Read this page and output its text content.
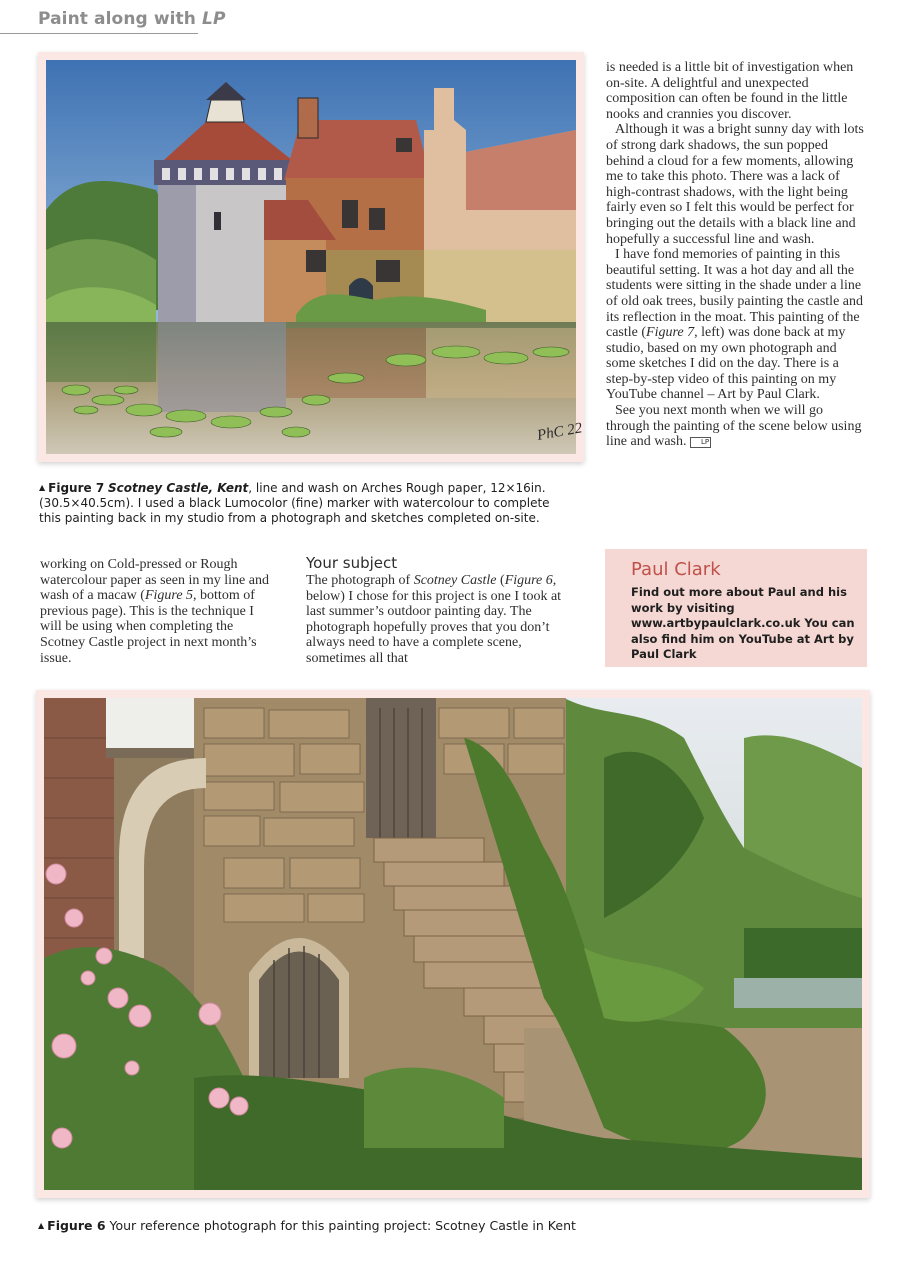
Paint along with LP
PhC 22
▲ Figure 7 Scotney Castle, Kent, line and wash on Arches Rough paper, 12×16in. (30.5×40.5cm). I used a black Lumocolor (fine) marker with watercolour to complete this painting back in my studio from a photograph and sketches completed on-site.

is needed is a little bit of investigation when on-site. A delightful and unexpected composition can often be found in the little nooks and crannies you discover.

Although it was a bright sunny day with lots of strong dark shadows, the sun popped behind a cloud for a few moments, allowing me to take this photo. There was a lack of high-contrast shadows, with the light being fairly even so I felt this would be perfect for bringing out the details with a black line and hopefully a successful line and wash.

I have fond memories of painting in this beautiful setting. It was a hot day and all the students were sitting in the shade under a line of old oak trees, busily painting the castle and its reflection in the moat. This painting of the castle (Figure 7, left) was done back at my studio, based on my own photograph and some sketches I did on the day. There is a step-by-step video of this painting on my YouTube channel – Art by Paul Clark.

See you next month when we will go through the painting of the scene below using line and wash. LP

working on Cold-pressed or Rough watercolour paper as seen in my line and wash of a macaw (Figure 5, bottom of previous page). This is the technique I will be using when completing the Scotney Castle project in next month’s issue.

Your subject

The photograph of Scotney Castle (Figure 6, below) I chose for this project is one I took at last summer’s outdoor painting day. The photograph hopefully proves that you don’t always need to have a complete scene, sometimes all that

Paul Clark
Find out more about Paul and his work by visiting www.artbypaulclark.co.uk You can also find him on YouTube at Art by Paul Clark
▲ Figure 6 Your reference photograph for this painting project: Scotney Castle in Kent
